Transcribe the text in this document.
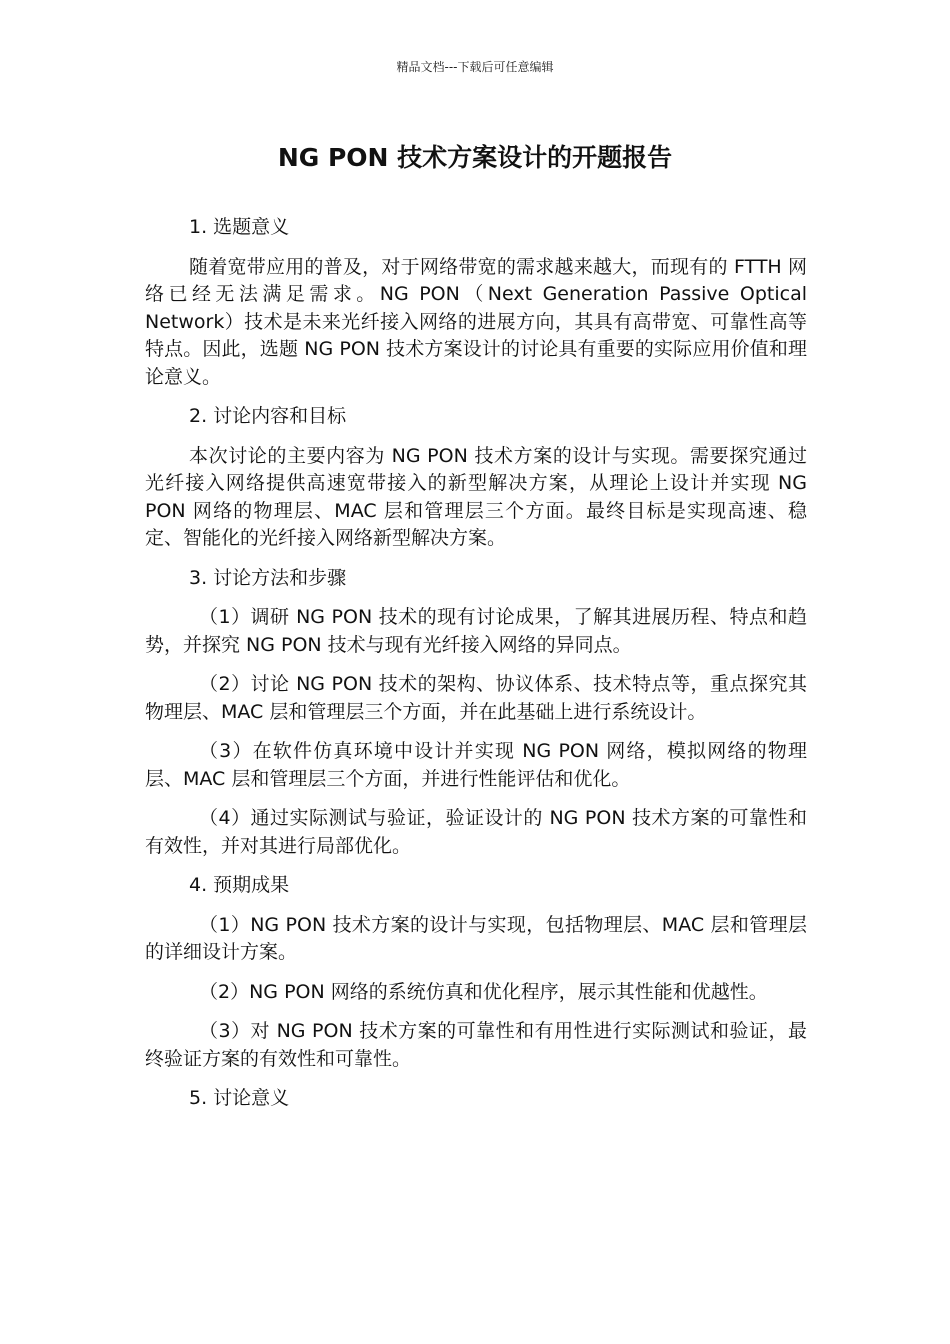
精品文档---下载后可任意编辑
NG PON 技术方案设计的开题报告

1. 选题意义

随着宽带应用的普及，对于网络带宽的需求越来越大，而现有的 FTTH 网络已经无法满足需求。NG PON（Next Generation Passive Optical Network）技术是未来光纤接入网络的进展方向，其具有高带宽、可靠性高等特点。因此，选题 NG PON 技术方案设计的讨论具有重要的实际应用价值和理论意义。

2. 讨论内容和目标

本次讨论的主要内容为 NG PON 技术方案的设计与实现。需要探究通过光纤接入网络提供高速宽带接入的新型解决方案，从理论上设计并实现 NG PON 网络的物理层、MAC 层和管理层三个方面。最终目标是实现高速、稳定、智能化的光纤接入网络新型解决方案。

3. 讨论方法和步骤

（1）调研 NG PON 技术的现有讨论成果，了解其进展历程、特点和趋势，并探究 NG PON 技术与现有光纤接入网络的异同点。

（2）讨论 NG PON 技术的架构、协议体系、技术特点等，重点探究其物理层、MAC 层和管理层三个方面，并在此基础上进行系统设计。

（3）在软件仿真环境中设计并实现 NG PON 网络，模拟网络的物理层、MAC 层和管理层三个方面，并进行性能评估和优化。

（4）通过实际测试与验证，验证设计的 NG PON 技术方案的可靠性和有效性，并对其进行局部优化。

4. 预期成果

（1）NG PON 技术方案的设计与实现，包括物理层、MAC 层和管理层的详细设计方案。

（2）NG PON 网络的系统仿真和优化程序，展示其性能和优越性。

（3）对 NG PON 技术方案的可靠性和有用性进行实际测试和验证，最终验证方案的有效性和可靠性。

5. 讨论意义
